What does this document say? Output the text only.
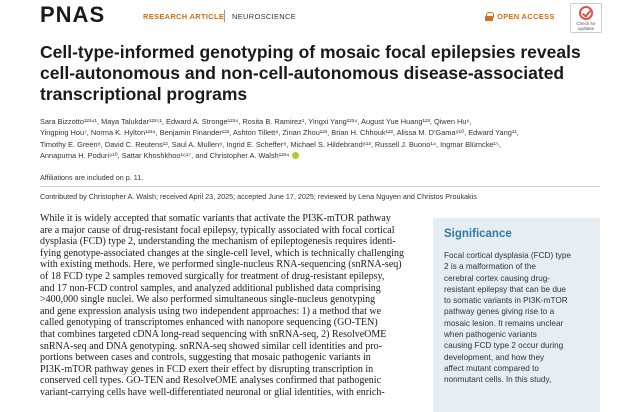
PNAS	RESEARCH ARTICLE NEUROSCIENCE	OPEN ACCESS
Check for
updates
Cell-type-informed genotyping of mosaic focal epilepsies reveals
cell-autonomous and non-cell-autonomous disease-associated
transcriptional programs
Sara Bizzotto¹²³⁴¹, Maya Talukdar¹²³⁵¹, Edward A. Stronge¹²³⁴, Rosita B. Ramirez¹, Yingxi Yang¹²³⁴, August Yue Huang¹²³, Qiwen Hu⁶,
Yingping Hou⁷, Norma K. Hylton¹²³⁴, Benjamin Finander¹²³, Ashton Tillett⁸, Zinan Zhou¹²³, Brian H. Chhouk¹²³, Alissa M. D'Gama⁹¹⁰, Edward Yang¹¹,
Timothy E. Green⁸, David C. Reutens¹², Saul A. Mullen⁸, Ingrid E. Scheffer⁸, Michael S. Hildebrand⁸¹³, Russell J. Buono¹⁴, Ingmar Blümcke¹⁵,
Annapurna H. Poduri⁹¹⁰, Sattar Khoshkhoo¹⁶¹⁷, and Christopher A. Walsh¹²³⁴
Affiliations are included on p. 11.
Contributed by Christopher A. Walsh; received April 23, 2025; accepted June 17, 2025; reviewed by Lena Nguyen and Christos Proukakis
While it is widely accepted that somatic variants that activate the PI3K-mTOR pathway
are a major cause of drug-resistant focal epilepsy, typically associated with focal cortical
dysplasia (FCD) type 2, understanding the mechanism of epileptogenesis requires identi-
fying genotype-associated changes at the single-cell level, which is technically challenging
with existing methods. Here, we performed single-nucleus RNA-sequencing (snRNA-seq)
of 18 FCD type 2 samples removed surgically for treatment of drug-resistant epilepsy,
and 17 non-FCD control samples, and analyzed additional published data comprising
>400,000 single nuclei. We also performed simultaneous single-nucleus genotyping
and gene expression analysis using two independent approaches: 1) a method that we
called genotyping of transcriptomes enhanced with nanopore sequencing (GO-TEN)
that combines targeted cDNA long-read sequencing with snRNA-seq, 2) ResolveOME
snRNA-seq and DNA genotyping. snRNA-seq showed similar cell identities and pro-
portions between cases and controls, suggesting that mosaic pathogenic variants in
PI3K-mTOR pathway genes in FCD exert their effect by disrupting transcription in
conserved cell types. GO-TEN and ResolveOME analyses confirmed that pathogenic
variant-carrying cells have well-differentiated neuronal or glial identities, with enrich-
Significance
Focal cortical dysplasia (FCD) type
2 is a malformation of the
cerebral cortex causing drug-
resistant epilepsy that can be due
to somatic variants in PI3K-mTOR
pathway genes giving rise to a
mosaic lesion. It remains unclear
when pathogenic variants
causing FCD type 2 occur during
development, and how they
affect mutant compared to
nonmutant cells. In this study,
